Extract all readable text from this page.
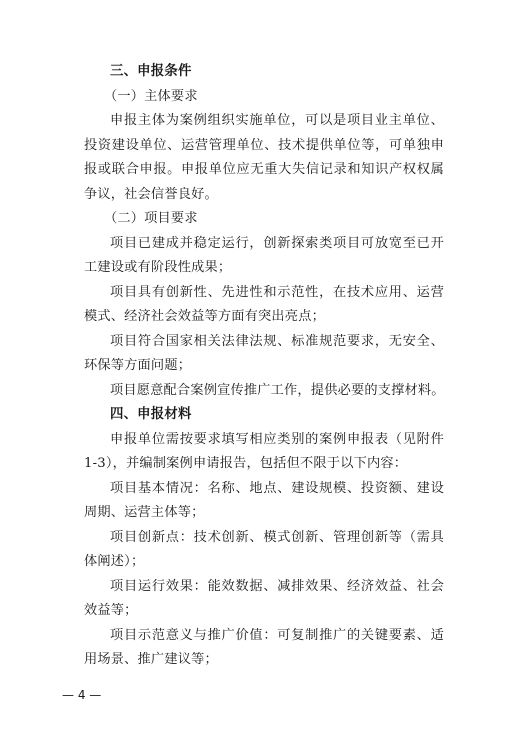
三、申报条件
（一）主体要求
申报主体为案例组织实施单位，可以是项目业主单位、
投资建设单位、运营管理单位、技术提供单位等，可单独申
报或联合申报。申报单位应无重大失信记录和知识产权权属
争议，社会信誉良好。
（二）项目要求
项目已建成并稳定运行，创新探索类项目可放宽至已开
工建设或有阶段性成果；
项目具有创新性、先进性和示范性，在技术应用、运营
模式、经济社会效益等方面有突出亮点；
项目符合国家相关法律法规、标准规范要求，无安全、
环保等方面问题；
项目愿意配合案例宣传推广工作，提供必要的支撑材料。
四、申报材料
申报单位需按要求填写相应类别的案例申报表（见附件
1-3），并编制案例申请报告，包括但不限于以下内容：
项目基本情况：名称、地点、建设规模、投资额、建设
周期、运营主体等；
项目创新点：技术创新、模式创新、管理创新等（需具
体阐述）；
项目运行效果：能效数据、减排效果、经济效益、社会
效益等；
项目示范意义与推广价值：可复制推广的关键要素、适
用场景、推广建议等；
— 4 —
